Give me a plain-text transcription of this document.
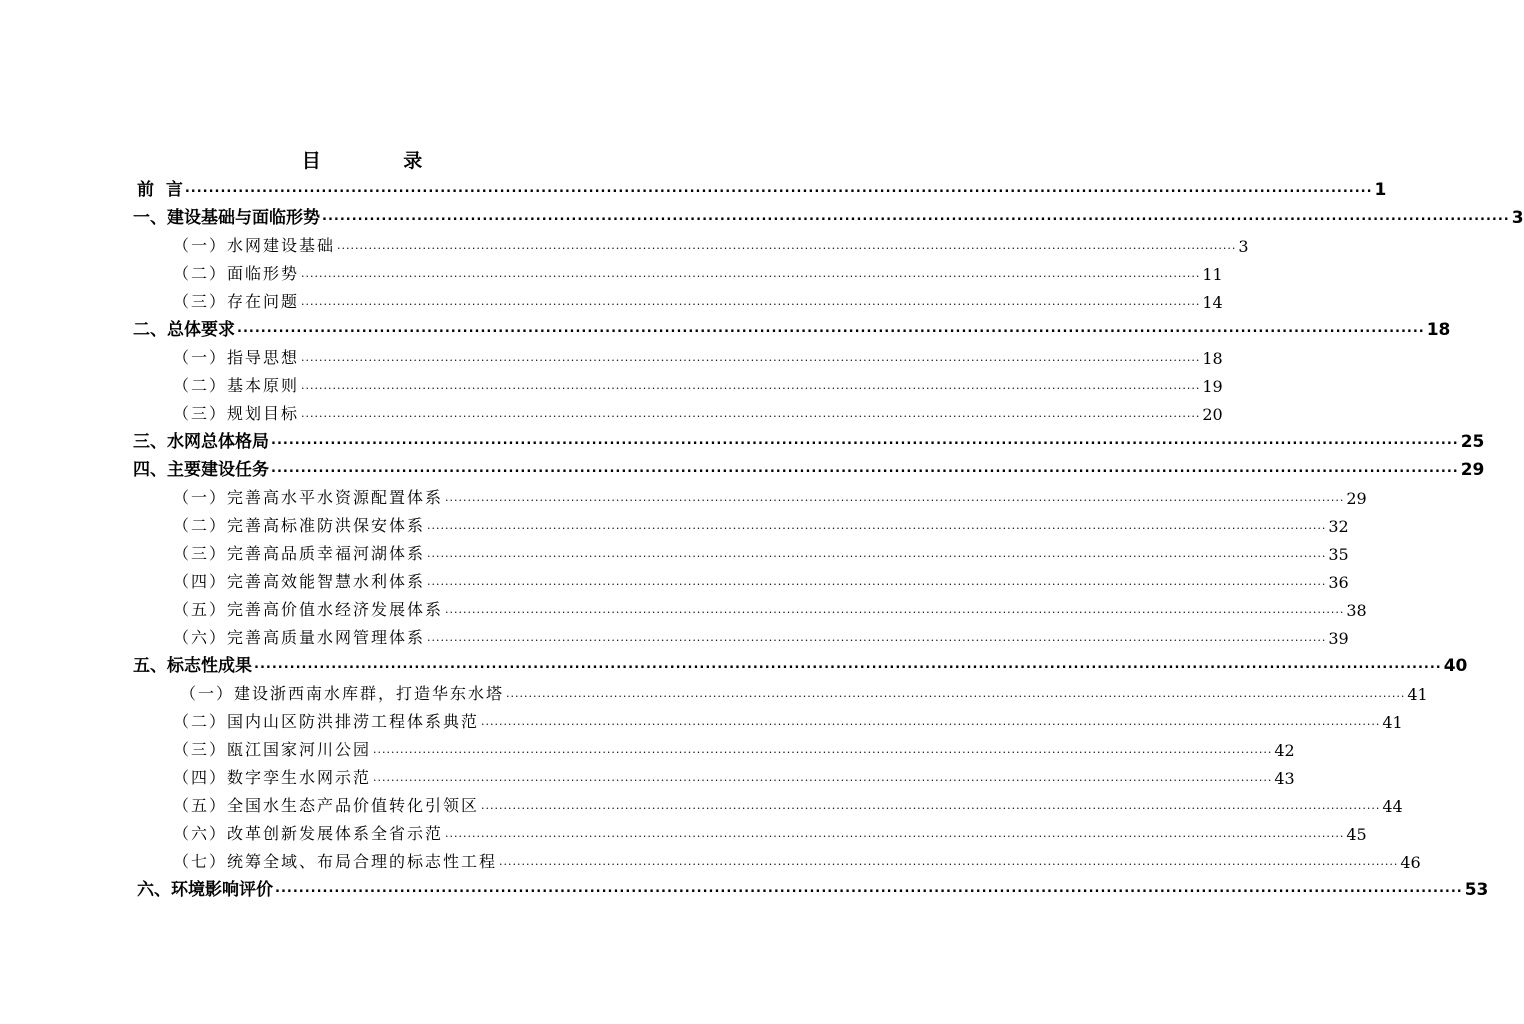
目 录
前  言 ........................................................................................................................................................................................................ 1
一、建设基础与面临形势 ........................................................................................................................................................................................................ 3
（一）水网建设基础 ........................................................................................................................................................................................................ 3
（二）面临形势 ........................................................................................................................................................................................................ 11
（三）存在问题 ........................................................................................................................................................................................................ 14
二、总体要求 ........................................................................................................................................................................................................ 18
（一）指导思想 ........................................................................................................................................................................................................ 18
（二）基本原则 ........................................................................................................................................................................................................ 19
（三）规划目标 ........................................................................................................................................................................................................ 20
三、水网总体格局 ........................................................................................................................................................................................................ 25
四、主要建设任务 ........................................................................................................................................................................................................ 29
（一）完善高水平水资源配置体系 ........................................................................................................................................................................................................ 29
（二）完善高标准防洪保安体系 ........................................................................................................................................................................................................ 32
（三）完善高品质幸福河湖体系 ........................................................................................................................................................................................................ 35
（四）完善高效能智慧水利体系 ........................................................................................................................................................................................................ 36
（五）完善高价值水经济发展体系 ........................................................................................................................................................................................................ 38
（六）完善高质量水网管理体系 ........................................................................................................................................................................................................ 39
五、标志性成果 ........................................................................................................................................................................................................ 40
（一）建设浙西南水库群，打造华东水塔 ........................................................................................................................................................................................................ 41
（二）国内山区防洪排涝工程体系典范 ........................................................................................................................................................................................................ 41
（三）瓯江国家河川公园 ........................................................................................................................................................................................................ 42
（四）数字孪生水网示范 ........................................................................................................................................................................................................ 43
（五）全国水生态产品价值转化引领区 ........................................................................................................................................................................................................ 44
（六）改革创新发展体系全省示范 ........................................................................................................................................................................................................ 45
（七）统筹全域、布局合理的标志性工程 ........................................................................................................................................................................................................ 46
六、环境影响评价 ........................................................................................................................................................................................................ 53
